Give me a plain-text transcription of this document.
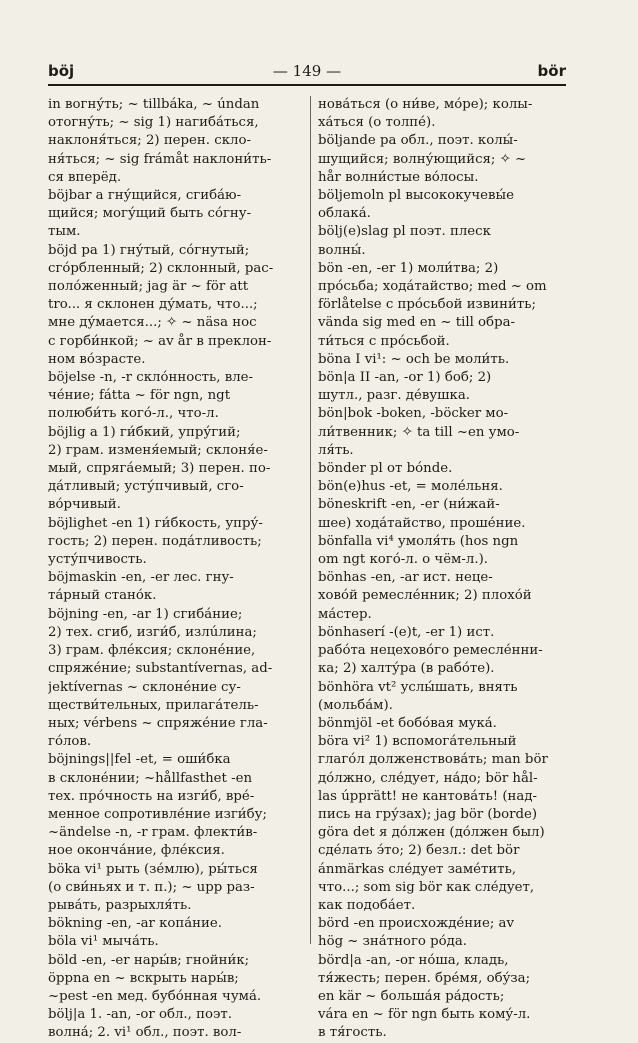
böj	— 149 —	bör
in вогну́ть; ~ tillbáka, ~ úndan
отогну́ть; ~ sig 1) нагиба́ться,
наклоня́ться; 2) перен. склo-
ня́ться; ~ sig frámåt наклони́ть-
ся вперёд.
böjbar а гну́щийся, сгиба́ю-
щийся; могу́щий быть со́гну-
тым.
böjd pa 1) гну́тый, со́гнутый;
сго́рбленный; 2) склонный, рас-
поло́женный; jag är ~ för att
tro... я склонен ду́мать, что...;
мне ду́мается...; ✧ ~ näsa нос
с горби́нкой; ~ av år в преклон-
ном во́зрасте.
böjelse -n, -r скло́нность, вле-
че́ние; fátta ~ för ngn, ngt
полюби́ть кого́-л., что-л.
böjlig а 1) ги́бкий, упру́гий;
2) грам. изменя́емый; склоня́е-
мый, спряга́емый; 3) перен. по-
да́тливый; усту́пчивый, сго-
во́рчивый.
böjlighet -en 1) ги́бкость, упру́-
гость; 2) перен. пода́тливость;
усту́пчивость.
böjmaskin -en, -er лес. гну-
та́рный стано́к.
böjning -en, -ar 1) сгиба́ние;
2) тех. сгиб, изги́б, излúлина;
3) грам. флéксия; склонéние,
спряже́ние; substantívernas, ad-
jektívernas ~ склонéние су-
ществи́тельных, прилага́тель-
ных; vérbens ~ спряже́ние гла-
го́лов.
böjnings||fel -et, = оши́бка
в склоне́нии; ~hållfasthet -en
тех. про́чность на изги́б, вре́-
менное сопротивле́ние изги́бу;
~ändelse -n, -r грам. флекти́в-
ное оконча́ние, фле́ксия.
böka vi¹ рыть (зе́млю), ры́ться
(о сви́ньях и т. п.); ~ upp раз-
рыва́ть, разрыхля́ть.
bökning -en, -ar копа́ние.
böla vi¹ мыча́ть.
böld -en, -er нары́в; гнойни́к;
öppna en ~ вскрыть нары́в;
~pest -en мед. бубо́нная чума́.
bölj|a 1. -an, -or обл., поэт.
волна́; 2. vi¹ обл., поэт. вол-
нова́ться (о ни́ве, мо́ре); колы-
ха́ться (о толпе́).
böljande pa обл., поэт. колы́-
шущийся; волну́ющийся; ✧ ~
hår волни́стые во́лосы.
böljemoln pl высококучевы́е
облака́.
bölj(e)slag pl поэт. плеск
волны́.
bön -en, -er 1) моли́тва; 2)
про́сьба; хода́тайство; med ~ om
förlåtelse с про́сьбой извини́ть;
vända sig med en ~ till обра-
ти́ться с про́сьбой.
böna I vi¹: ~ och be моли́ть.
bön|a II -an, -or 1) боб; 2)
шутл., разг. де́вушка.
bön|bok -boken, -böcker мо-
ли́твенник; ✧ ta till ~en умо-
ля́ть.
bönder pl от bónde.
bön(e)hus -et, = моле́льня.
böneskrift -en, -er (ни́жай-
шее) хода́тайство, проше́ние.
bönfalla vi⁴ умоля́ть (hos ngn
om ngt кого́-л. о чём-л.).
bönhas -en, -ar ист. неце-
хово́й ремесле́нник; 2) плохо́й
ма́стер.
bönhaserí -(e)t, -er 1) ист.
рабо́та нецехово́го ремесле́нни-
ка; 2) халту́ра (в рабо́те).
bönhöra vt² услы́шать, внять
(мольба́м).
bönmjöl -et бобо́вая мука́.
böra vi² 1) вспомога́тельный
глаго́л должeнствова́ть; man bör
до́лжно, сле́дует, на́до; bör hål-
las úpprätt! не кантова́ть! (над-
пись на гру́зах); jag bör (borde)
göra det я до́лжен (до́лжен был)
сде́лать э́то; 2) безл.: det bör
ánmärkas сле́дует заме́тить,
что...; som sig bör как сле́дует,
как подоба́ет.
börd -en происхожде́ние; av
hög ~ зна́тного ро́да.
börd|a -an, -or но́ша, кладь,
тя́жесть; перен. бре́мя, обу́за;
en kär ~ больша́я ра́дость;
vára en ~ för ngn быть кому́-л.
в тя́гость.
